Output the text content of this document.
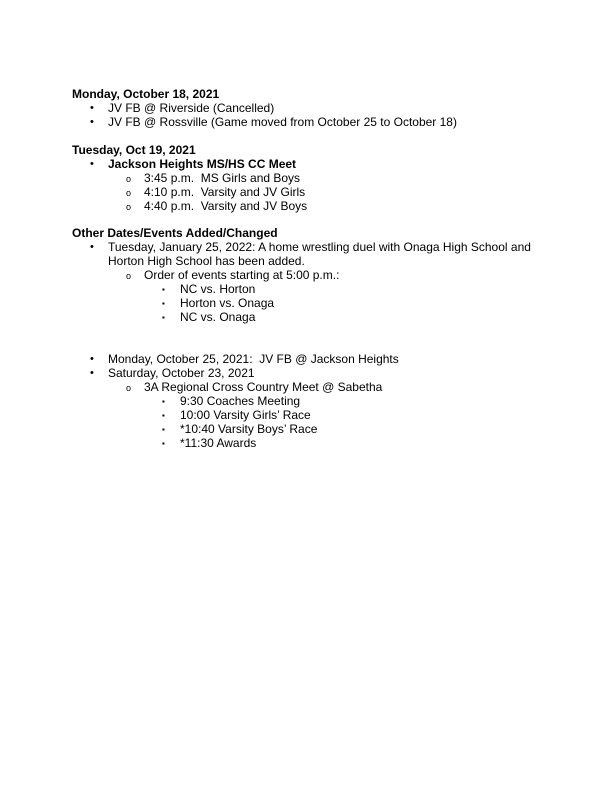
Monday, October 18, 2021
• JV FB @ Riverside (Cancelled)
• JV FB @ Rossville (Game moved from October 25 to October 18)
Tuesday, Oct 19, 2021
• Jackson Heights MS/HS CC Meet
o 3:45 p.m.  MS Girls and Boys
o 4:10 p.m.  Varsity and JV Girls
o 4:40 p.m.  Varsity and JV Boys
Other Dates/Events Added/Changed
• Tuesday, January 25, 2022: A home wrestling duel with Onaga High School and Horton High School has been added.
o Order of events starting at 5:00 p.m.:
▪ NC vs. Horton
▪ Horton vs. Onaga
▪ NC vs. Onaga
• Monday, October 25, 2021:  JV FB @ Jackson Heights
• Saturday, October 23, 2021
o 3A Regional Cross Country Meet @ Sabetha
▪ 9:30 Coaches Meeting
▪ 10:00 Varsity Girls’ Race
▪ *10:40 Varsity Boys’ Race
▪ *11:30 Awards
